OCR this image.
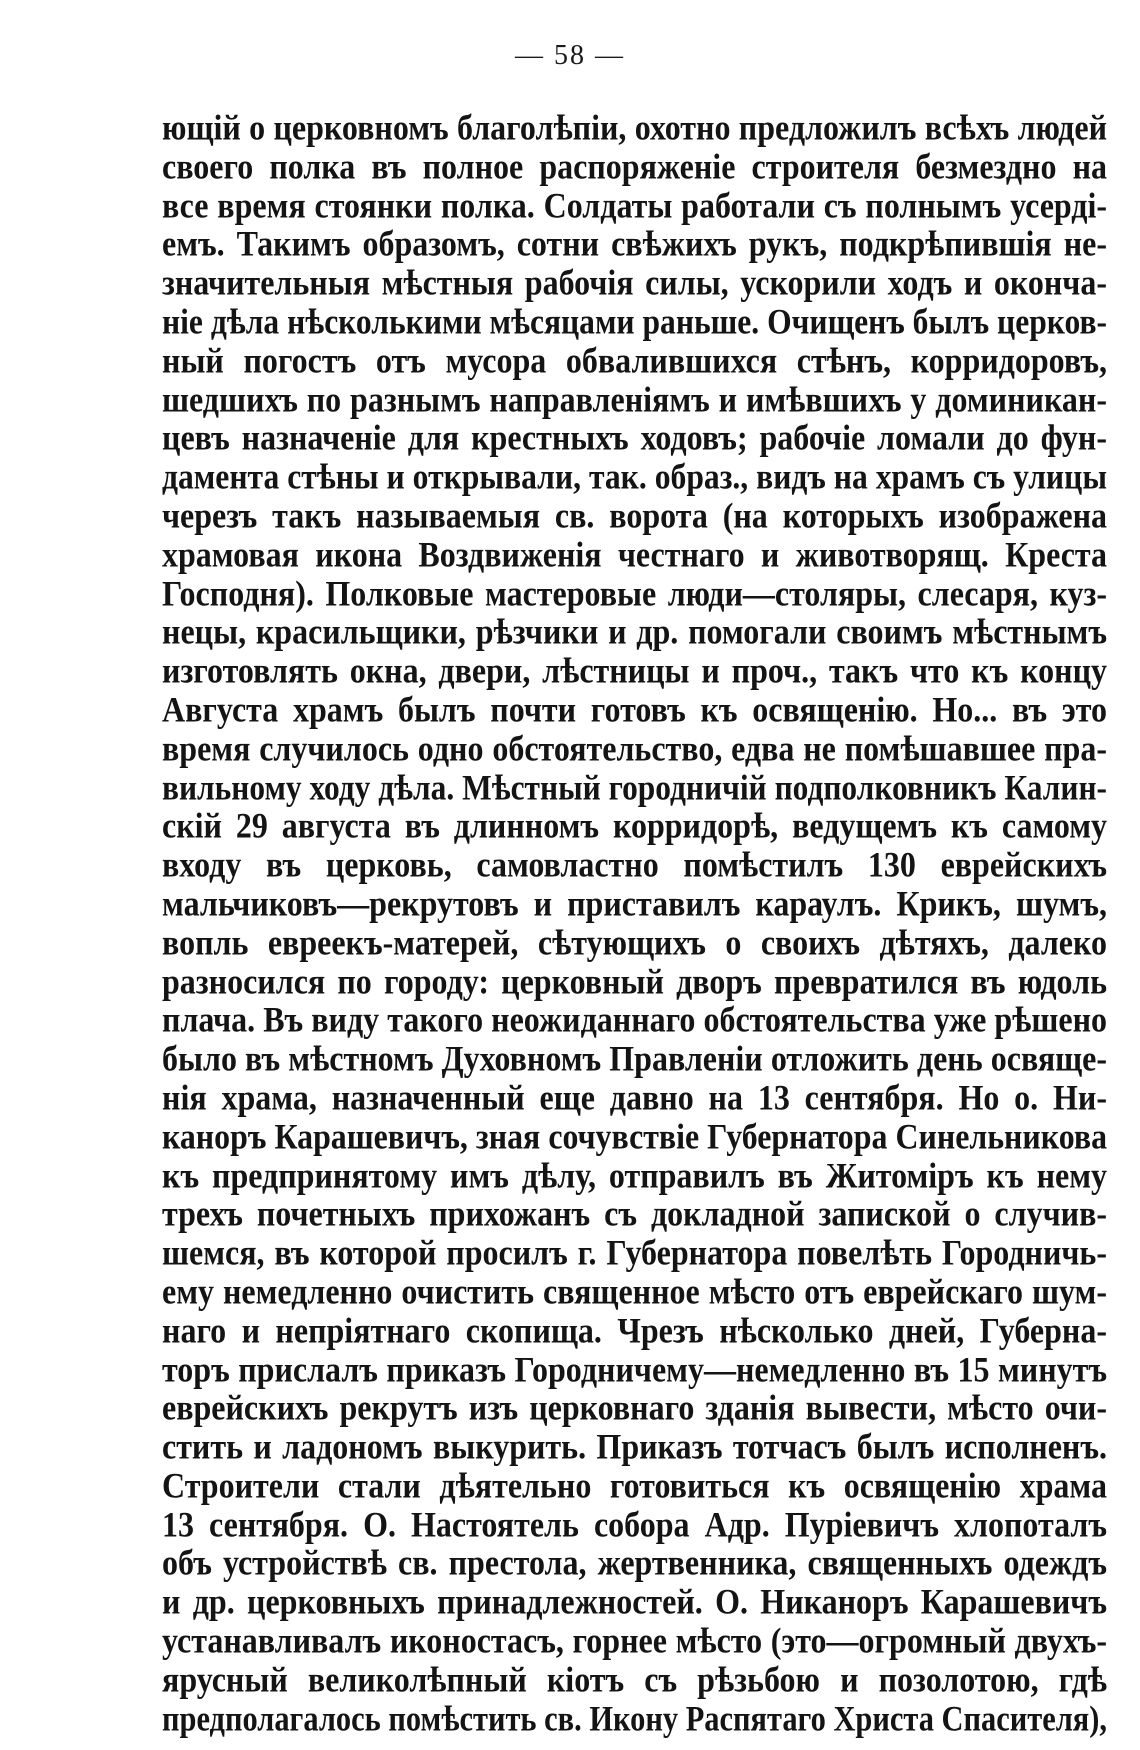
— 58 —
ющій о церковномъ благолѣпіи, охотно предложилъ всѣхъ людей
своего полка въ полное распоряженіе строителя безмездно на
все время стоянки полка. Солдаты работали съ полнымъ усерді-
емъ. Такимъ образомъ, сотни свѣжихъ рукъ, подкрѣпившія не-
значительныя мѣстныя рабочія силы, ускорили ходъ и оконча-
ніе дѣла нѣсколькими мѣсяцами раньше. Очищенъ былъ церков-
ный погостъ отъ мусора обвалившихся стѣнъ, корридоровъ,
шедшихъ по разнымъ направленіямъ и имѣвшихъ у доминикан-
цевъ назначеніе для крестныхъ ходовъ; рабочіе ломали до фун-
дамента стѣны и открывали, так. образ., видъ на храмъ съ улицы
черезъ такъ называемыя св. ворота (на которыхъ изображена
храмовая икона Воздвиженія честнаго и животворящ. Креста
Господня). Полковые мастеровые люди—столяры, слесаря, куз-
нецы, красильщики, рѣзчики и др. помогали своимъ мѣстнымъ
изготовлять окна, двери, лѣстницы и проч., такъ что къ концу
Августа храмъ былъ почти готовъ къ освященію. Но... въ это
время случилось одно обстоятельство, едва не помѣшавшее пра-
вильному ходу дѣла. Мѣстный городничій подполковникъ Калин-
скій 29 августа въ длинномъ корридорѣ, ведущемъ къ самому
входу въ церковь, самовластно помѣстилъ 130 еврейскихъ
мальчиковъ—рекрутовъ и приставилъ караулъ. Крикъ, шумъ,
вопль евреекъ-матерей, сѣтующихъ о своихъ дѣтяхъ, далеко
разносился по городу: церковный дворъ превратился въ юдоль
плача. Въ виду такого неожиданнаго обстоятельства уже рѣшено
было въ мѣстномъ Духовномъ Правленіи отложить день освяще-
нія храма, назначенный еще давно на 13 сентября. Но о. Ни-
каноръ Карашевичъ, зная сочувствіе Губернатора Синельникова
къ предпринятому имъ дѣлу, отправилъ въ Житоміръ къ нему
трехъ почетныхъ прихожанъ съ докладной запиской о случив-
шемся, въ которой просилъ г. Губернатора повелѣть Городничь-
ему немедленно очистить священное мѣсто отъ еврейскаго шум-
наго и непріятнаго скопища. Чрезъ нѣсколько дней, Губерна-
торъ прислалъ приказъ Городничему—немедленно въ 15 минутъ
еврейскихъ рекрутъ изъ церковнаго зданія вывести, мѣсто очи-
стить и ладономъ выкурить. Приказъ тотчасъ былъ исполненъ.
Строители стали дѣятельно готовиться къ освященію храма
13 сентября. О. Настоятель собора Адр. Пуріевичъ хлопоталъ
объ устройствѣ св. престола, жертвенника, священныхъ одеждъ
и др. церковныхъ принадлежностей. О. Никаноръ Карашевичъ
устанавливалъ иконостасъ, горнее мѣсто (это—огромный двухъ-
ярусный великолѣпный кіотъ съ рѣзьбою и позолотою, гдѣ
предполагалось помѣстить св. Икону Распятаго Христа Спасителя),
